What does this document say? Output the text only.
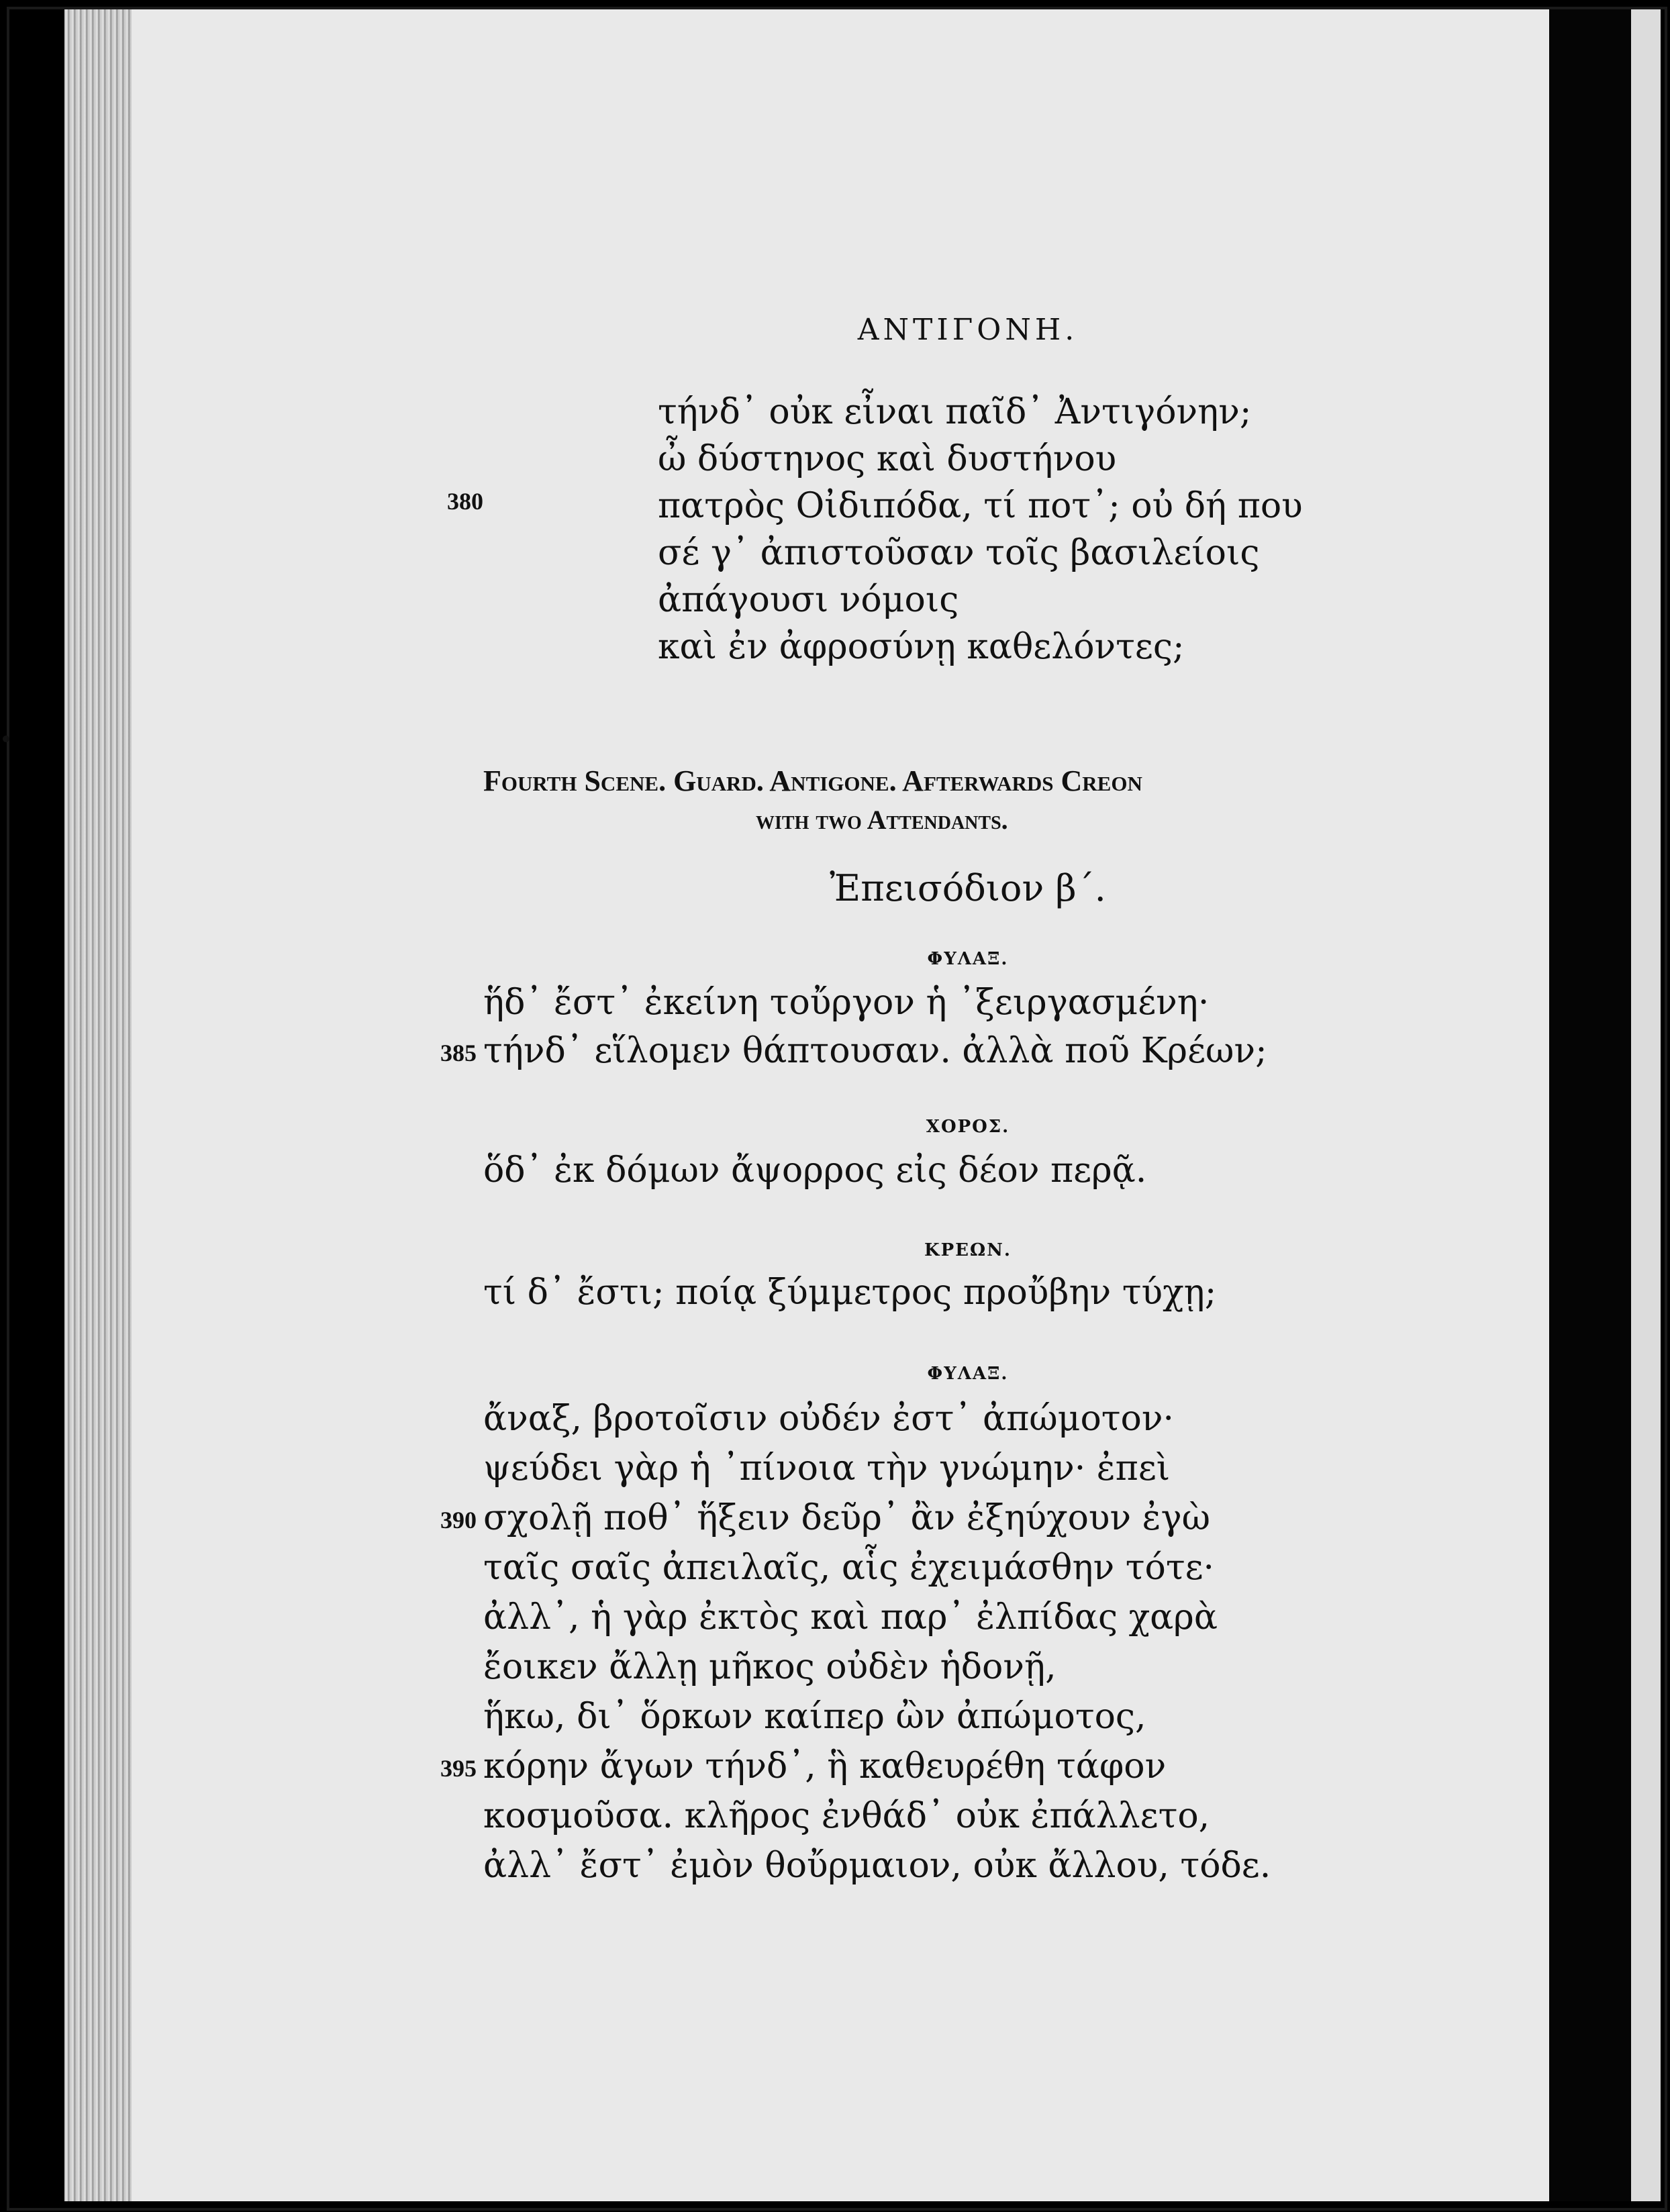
ΑΝΤΙΓΟΝΗ.
380
τήνδ᾽ οὐκ εἶναι παῖδ᾽ Ἀντιγόνην;
ὦ δύστηνος καὶ δυστήνου
πατρὸς Οἰδιπόδα, τί ποτ᾽; οὐ δή που
σέ γ᾽ ἀπιστοῦσαν τοῖς βασιλείοις
ἀπάγουσι νόμοις
καὶ ἐν ἀφροσύνῃ καθελόντες;
Fourth Scene. Guard. Antigone. Afterwards Creon
with two Attendants.
Ἐπεισόδιον β΄.
ΦΥΛΑΞ.
ἥδ᾽ ἔστ᾽ ἐκείνη τοὔργον ἡ ᾽ξειργασμένη·
385 τήνδ᾽ εἵλομεν θάπτουσαν. ἀλλὰ ποῦ Κρέων;
ΧΟΡΟΣ.
ὅδ᾽ ἐκ δόμων ἄψορρος εἰς δέον περᾷ.
ΚΡΕΩΝ.
τί δ᾽ ἔστι; ποίᾳ ξύμμετρος προὔβην τύχῃ;
ΦΥΛΑΞ.
ἄναξ, βροτοῖσιν οὐδέν ἐστ᾽ ἀπώμοτον·
ψεύδει γὰρ ἡ ᾽πίνοια τὴν γνώμην· ἐπεὶ
390 σχολῇ ποθ᾽ ἥξειν δεῦρ᾽ ἂν ἐξηύχουν ἐγὼ
ταῖς σαῖς ἀπειλαῖς, αἷς ἐχειμάσθην τότε·
ἀλλ᾽, ἡ γὰρ ἐκτὸς καὶ παρ᾽ ἐλπίδας χαρὰ
ἔοικεν ἄλλῃ μῆκος οὐδὲν ἡδονῇ,
ἥκω, δι᾽ ὅρκων καίπερ ὢν ἀπώμοτος,
395 κόρην ἄγων τήνδ᾽, ἣ καθευρέθη τάφον
κοσμοῦσα. κλῆρος ἐνθάδ᾽ οὐκ ἐπάλλετο,
ἀλλ᾽ ἔστ᾽ ἐμὸν θοὔρμαιον, οὐκ ἄλλου, τόδε.
